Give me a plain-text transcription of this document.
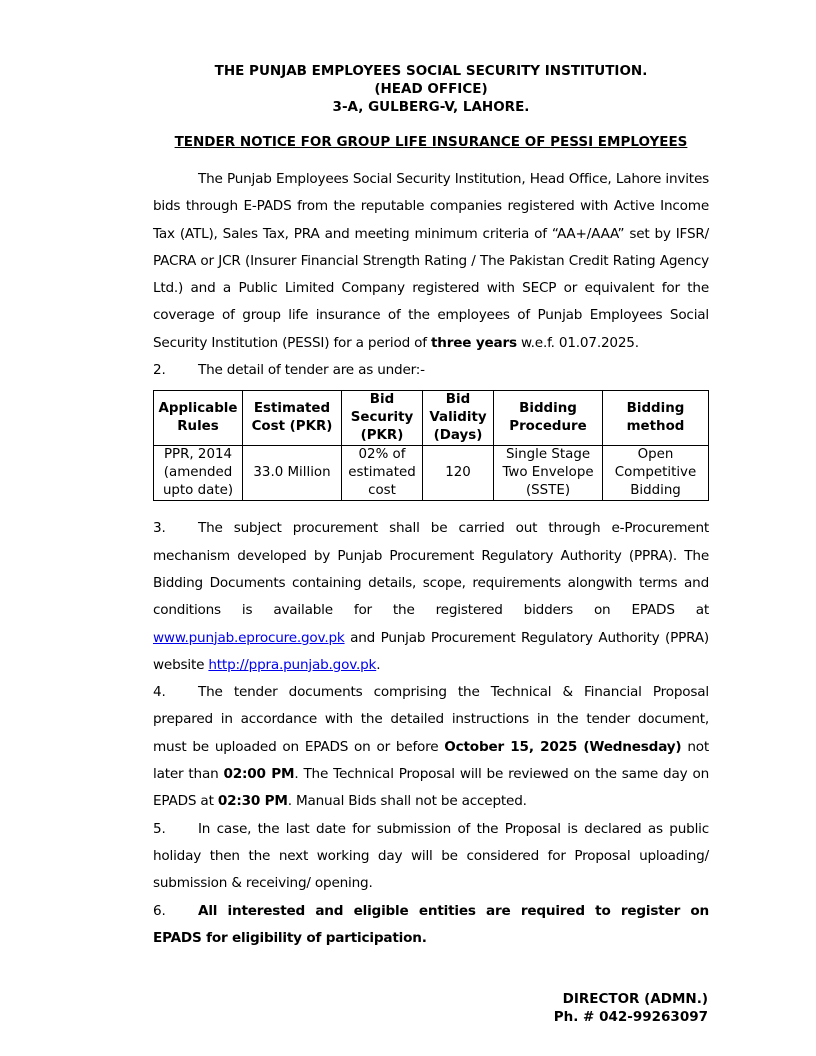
THE PUNJAB EMPLOYEES SOCIAL SECURITY INSTITUTION.
(HEAD OFFICE)
3-A, GULBERG-V, LAHORE.
TENDER NOTICE FOR GROUP LIFE INSURANCE OF PESSI EMPLOYEES

The Punjab Employees Social Security Institution, Head Office, Lahore invites bids through E-PADS from the reputable companies registered with Active Income Tax (ATL), Sales Tax, PRA and meeting minimum criteria of “AA+/AAA” set by IFSR/ PACRA or JCR (Insurer Financial Strength Rating / The Pakistan Credit Rating Agency Ltd.) and a Public Limited Company registered with SECP or equivalent for the coverage of group life insurance of the employees of Punjab Employees Social Security Institution (PESSI) for a period of three years w.e.f. 01.07.2025.

2. The detail of tender are as under:-

Applicable Rules	Estimated Cost (PKR)	Bid Security (PKR)	Bid Validity (Days)	Bidding Procedure	Bidding method
PPR, 2014 (amended upto date)	33.0 Million	02% of estimated cost	120	Single Stage Two Envelope (SSTE)	Open Competitive Bidding

3. The subject procurement shall be carried out through e-Procurement mechanism developed by Punjab Procurement Regulatory Authority (PPRA). The Bidding Documents containing details, scope, requirements alongwith terms and conditions is available for the registered bidders on EPADS at www.punjab.eprocure.gov.pk and Punjab Procurement Regulatory Authority (PPRA) website http://ppra.punjab.gov.pk.

4. The tender documents comprising the Technical & Financial Proposal prepared in accordance with the detailed instructions in the tender document, must be uploaded on EPADS on or before October 15, 2025 (Wednesday) not later than 02:00 PM. The Technical Proposal will be reviewed on the same day on EPADS at 02:30 PM. Manual Bids shall not be accepted.

5. In case, the last date for submission of the Proposal is declared as public holiday then the next working day will be considered for Proposal uploading/ submission & receiving/ opening.

6. All interested and eligible entities are required to register on EPADS for eligibility of participation.

DIRECTOR (ADMN.)
Ph. # 042-99263097
